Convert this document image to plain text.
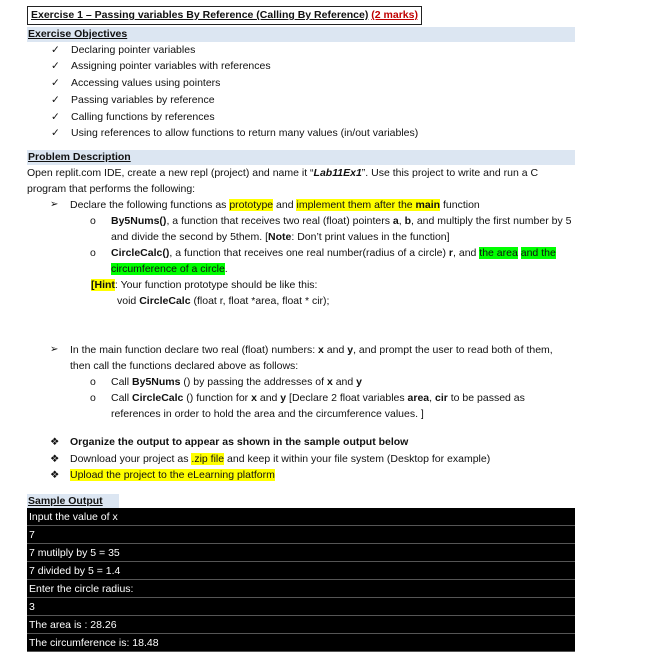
Exercise 1 – Passing variables By Reference (Calling By Reference) (2 marks)
Exercise Objectives
✓ Declaring pointer variables
✓ Assigning pointer variables with references
✓ Accessing values using pointers
✓ Passing variables by reference
✓ Calling functions by references
✓ Using references to allow functions to return many values (in/out variables)
Problem Description

Open replit.com IDE, create a new repl (project) and name it “Lab11Ex1”. Use this project to write and run a C program that performs the following:

➢ Declare the following functions as prototype and implement them after the main function
o By5Nums(), a function that receives two real (float) pointers a, b, and multiply the first number by 5 and divide the second by 5them. [Note: Don’t print values in the function]
o CircleCalc(), a function that receives one real number(radius of a circle) r, and the area and the circumference of a circle.
[Hint: Your function prototype should be like this:
void CircleCalc (float r, float *area, float * cir);
➢ In the main function declare two real (float) numbers: x and y, and prompt the user to read both of them, then call the functions declared above as follows:
o Call By5Nums () by passing the addresses of x and y
o Call CircleCalc () function for x and y [Declare 2 float variables area, cir to be passed as references in order to hold the area and the circumference values. ]
❖ Organize the output to appear as shown in the sample output below
❖ Download your project as .zip file and keep it within your file system (Desktop for example)
❖ Upload the project to the eLearning platform
Sample Output
Input the value of x
7
7 mutilply by 5 = 35
7 divided by 5 = 1.4
Enter the circle radius:
3
The area is : 28.26
The circumference is: 18.48
